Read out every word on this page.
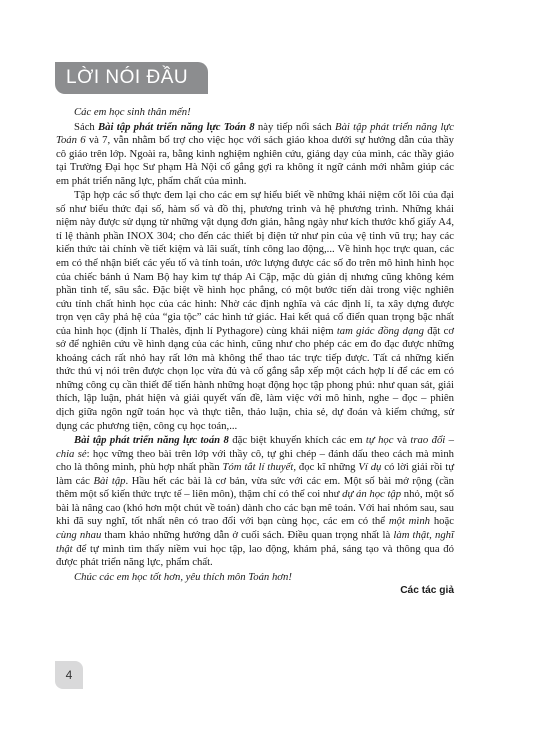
LỜI NÓI ĐẦU

Các em học sinh thân mến!

Sách Bài tập phát triển năng lực Toán 8 này tiếp nối sách Bài tập phát triển năng lực Toán 6 và 7, vẫn nhằm bổ trợ cho việc học với sách giáo khoa dưới sự hướng dẫn của thầy cô giáo trên lớp. Ngoài ra, bằng kinh nghiệm nghiên cứu, giảng dạy của mình, các thầy giáo tại Trường Đại học Sư phạm Hà Nội cố gắng gợi ra không ít ngữ cảnh mới nhằm giúp các em phát triển năng lực, phẩm chất của mình.

Tập hợp các số thực đem lại cho các em sự hiểu biết về những khái niệm cốt lõi của đại số như biểu thức đại số, hàm số và đồ thị, phương trình và hệ phương trình. Những khái niệm này được sử dụng từ những vật dụng đơn giản, hằng ngày như kích thước khổ giấy A4, tỉ lệ thành phần INOX 304; cho đến các thiết bị điện tử như pin của vệ tinh vũ trụ; hay các kiến thức tài chính về tiết kiệm và lãi suất, tính công lao động,... Về hình học trực quan, các em có thể nhận biết các yếu tố và tính toán, ước lượng được các số đo trên mô hình hình học của chiếc bánh ú Nam Bộ hay kim tự tháp Ai Cập, mặc dù giản dị nhưng cũng không kém phần tinh tế, sâu sắc. Đặc biệt về hình học phẳng, có một bước tiến dài trong việc nghiên cứu tính chất hình học của các hình: Nhờ các định nghĩa và các định lí, ta xây dựng được trọn vẹn cây phả hệ của “gia tộc” các hình tứ giác. Hai kết quả cổ điển quan trọng bậc nhất của hình học (định lí Thalès, định lí Pythagore) cùng khái niệm tam giác đồng dạng đặt cơ sở để nghiên cứu về hình dạng của các hình, cũng như cho phép các em đo đạc được những khoảng cách rất nhỏ hay rất lớn mà không thể thao tác trực tiếp được. Tất cả những kiến thức thú vị nói trên được chọn lọc vừa đủ và cố gắng sắp xếp một cách hợp lí để các em có những công cụ cần thiết để tiến hành những hoạt động học tập phong phú: như quan sát, giải thích, lập luận, phát hiện và giải quyết vấn đề, làm việc với mô hình, nghe – đọc – phiên dịch giữa ngôn ngữ toán học và thực tiễn, thảo luận, chia sẻ, dự đoán và kiểm chứng, sử dụng các phương tiện, công cụ học toán,...

Bài tập phát triển năng lực toán 8 đặc biệt khuyến khích các em tự học và trao đổi – chia sẻ: học vững theo bài trên lớp với thầy cô, tự ghi chép – đánh dấu theo cách mà mình cho là thông minh, phù hợp nhất phần Tóm tắt lí thuyết, đọc kĩ những Ví dụ có lời giải rồi tự làm các Bài tập. Hầu hết các bài là cơ bản, vừa sức với các em. Một số bài mở rộng (cần thêm một số kiến thức trực tế – liên môn), thậm chí có thể coi như dự án học tập nhỏ, một số bài là nâng cao (khó hơn một chút về toán) dành cho các bạn mê toán. Với hai nhóm sau, sau khi đã suy nghĩ, tốt nhất nên có trao đổi với bạn cùng học, các em có thể một mình hoặc cùng nhau tham khảo những hướng dẫn ở cuối sách. Điều quan trọng nhất là làm thật, nghĩ thật để tự mình tìm thấy niềm vui học tập, lao động, khám phá, sáng tạo và thông qua đó được phát triển năng lực, phẩm chất.

Chúc các em học tốt hơn, yêu thích môn Toán hơn!

Các tác giả

4
